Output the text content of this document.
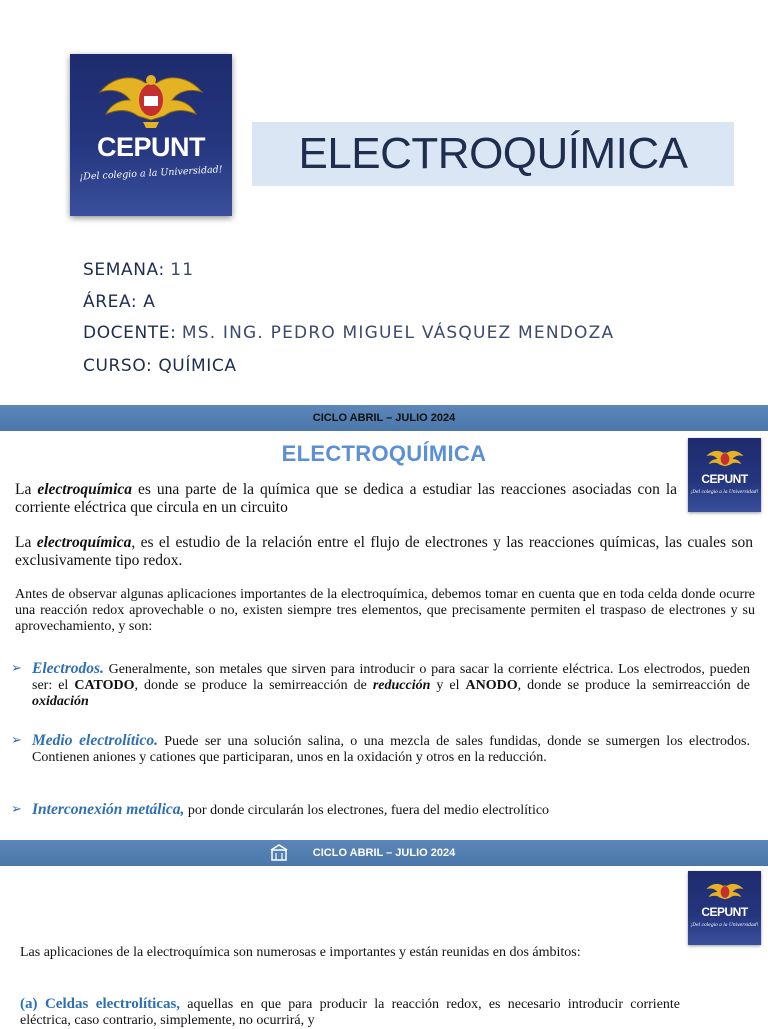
CEPUNT
¡Del colegio a la Universidad!	ELECTROQUÍMICA
SEMANA: 11
ÁREA: A
DOCENTE: MS. ING. PEDRO MIGUEL VÁSQUEZ MENDOZA
CURSO: QUÍMICA
CICLO ABRIL – JULIO 2024
ELECTROQUÍMICA
CEPUNT
¡Del colegio a la Universidad!
La electroquímica es una parte de la química que se dedica a estudiar las reacciones asociadas con la corriente eléctrica que circula en un circuito
La electroquímica, es el estudio de la relación entre el flujo de electrones y las reacciones químicas, las cuales son exclusivamente tipo redox.
Antes de observar algunas aplicaciones importantes de la electroquímica, debemos tomar en cuenta que en toda celda donde ocurre una reacción redox aprovechable o no, existen siempre tres elementos, que precisamente permiten el traspaso de electrones y su aprovechamiento, y son:
➢ Electrodos. Generalmente, son metales que sirven para introducir o para sacar la corriente eléctrica. Los electrodos, pueden ser: el CATODO, donde se produce la semirreacción de reducción y el ANODO, donde se produce la semirreacción de oxidación
➢ Medio electrolítico. Puede ser una solución salina, o una mezcla de sales fundidas, donde se sumergen los electrodos. Contienen aniones y cationes que participaran, unos en la oxidación y otros en la reducción.
➢ Interconexión metálica, por donde circularán los electrones, fuera del medio electrolítico
CICLO ABRIL – JULIO 2024
CEPUNT
¡Del colegio a la Universidad!
Las aplicaciones de la electroquímica son numerosas e importantes y están reunidas en dos ámbitos:
(a) Celdas electrolíticas, aquellas en que para producir la reacción redox, es necesario introducir corriente eléctrica, caso contrario, simplemente, no ocurrirá, y
